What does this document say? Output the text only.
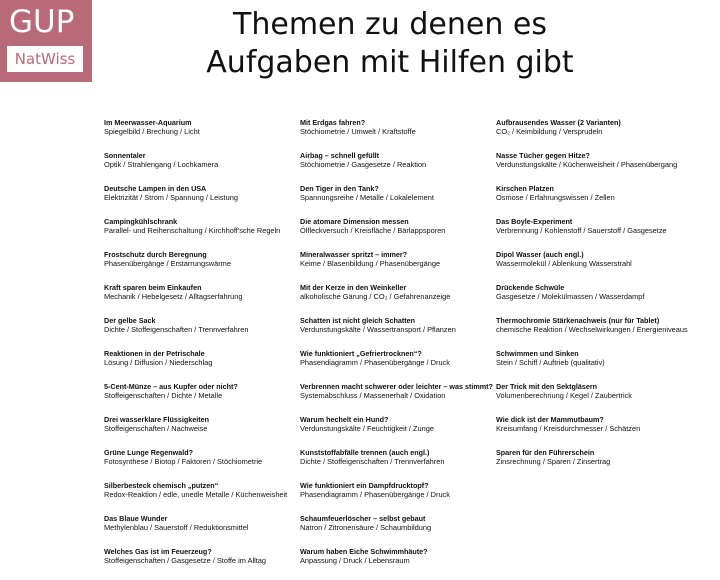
GUP
NatWiss
Themen zu denen es
Aufgaben mit Hilfen gibt
Im Meerwasser-Aquarium
Spiegelbild / Brechung / Licht
Sonnentaler
Optik / Strahlengang / Lochkamera
Deutsche Lampen in den USA
Elektrizität / Strom / Spannung / Leistung
Campingkühlschrank
Parallel- und Reihenschaltung / Kirchhoff'sche Regeln
Frostschutz durch Beregnung
Phasenübergänge / Erstarrungswärme
Kraft sparen beim Einkaufen
Mechanik / Hebelgesetz / Alltagserfahrung
Der gelbe Sack
Dichte / Stoffeigenschaften / Trennverfahren
Reaktionen in der Petrischale
Lösung / Diffusion / Niederschlag
5-Cent-Münze – aus Kupfer oder nicht?
Stoffeigenschaften / Dichte / Metalle
Drei wasserklare Flüssigkeiten
Stoffeigenschaften / Nachweise
Grüne Lunge Regenwald?
Fotosynthese / Biotop / Faktoren / Stöchiometrie
Silberbesteck chemisch „putzen“
Redox-Reaktion / edle, unedle Metalle / Küchenweisheit
Das Blaue Wunder
Methylenblau / Sauerstoff / Reduktionsmittel
Welches Gas ist im Feuerzeug?
Stoffeigenschaften / Gasgesetze / Stoffe im Alltag
Mit Erdgas fahren?
Stöchiometrie / Umwelt / Kraftstoffe
Airbag – schnell gefüllt
Stöchiometrie / Gasgesetze / Reaktion
Den Tiger in den Tank?
Spannungsreihe / Metalle / Lokalelement
Die atomare Dimension messen
Ölfleckversuch / Kreisfläche / Bärlappsporen
Mineralwasser spritzt – immer?
Keime / Blasenbildung / Phasenübergänge
Mit der Kerze in den Weinkeller
alkoholische Gärung / CO₂ / Gefahrenanzeige
Schatten ist nicht gleich Schatten
Verdunstungskälte / Wassertransport / Pflanzen
Wie funktioniert „Gefriertrocknen“?
Phasendiagramm / Phasenübergänge / Druck
Verbrennen macht schwerer oder leichter – was stimmt?
Systemabschluss / Massenerhalt / Oxidation
Warum hechelt ein Hund?
Verdunstungskälte / Feuchtigkeit / Zunge
Kunststoffabfälle trennen (auch engl.)
Dichte / Stoffeigenschaften / Trennverfahren
Wie funktioniert ein Dampfdrucktopf?
Phasendiagramm / Phasenübergänge / Druck
Schaumfeuerlöscher – selbst gebaut
Natron / Zitronensäure / Schaumbildung
Warum haben Eiche Schwimmhäute?
Anpassung / Druck / Lebensraum
Aufbrausendes Wasser (2 Varianten)
CO₂ / Keimbildung / Versprudeln
Nasse Tücher gegen Hitze?
Verdunstungskälte / Küchenweisheit / Phasenübergang
Kirschen Platzen
Osmose / Erfahrungswissen / Zellen
Das Boyle-Experiment
Verbrennung / Kohlenstoff / Sauerstoff / Gasgesetze
Dipol Wasser (auch engl.)
Wassermolekül / Ablenkung Wasserstrahl
Drückende Schwüle
Gasgesetze / Molekülmassen / Wasserdampf
Thermochromie Stärkenachweis (nur für Tablet)
chemische Reaktion / Wechselwirkungen / Energieniveaus
Schwimmen und Sinken
Stein / Schiff / Auftrieb (qualitativ)
Der Trick mit den Sektgläsern
Volumenberechnung / Kegel / Zaubertrick
Wie dick ist der Mammutbaum?
Kreisumfang / Kreisdurchmesser / Schätzen
Sparen für den Führerschein
Zinsrechnung / Sparen / Zinsertrag
